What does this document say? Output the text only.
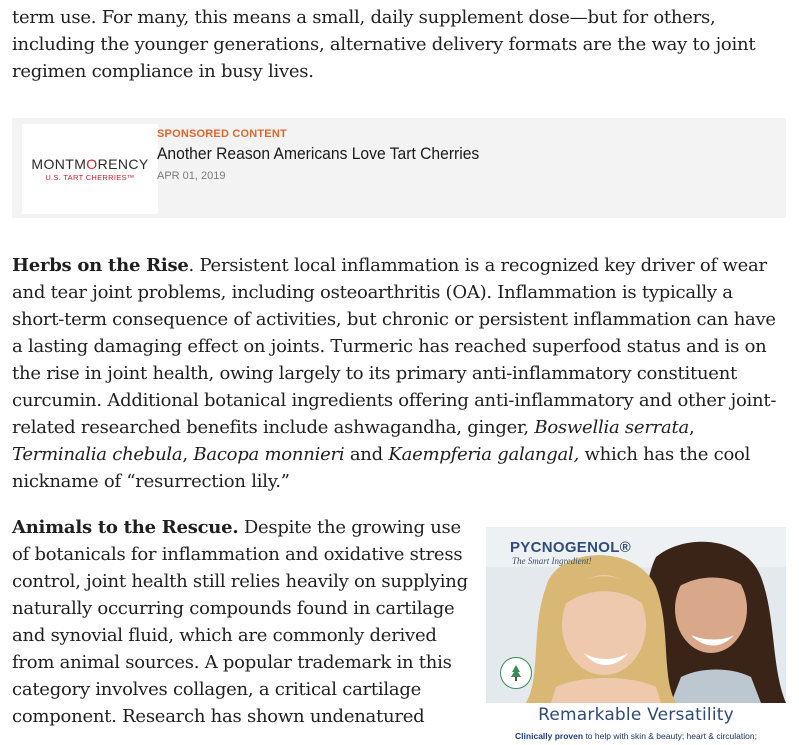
term use. For many, this means a small, daily supplement dose—but for others, including the younger generations, alternative delivery formats are the way to joint regimen compliance in busy lives.

MONTMORENCY
U.S. TART CHERRIES™
SPONSORED CONTENT
Another Reason Americans Love Tart Cherries
APR 01, 2019

Herbs on the Rise. Persistent local inflammation is a recognized key driver of wear and tear joint problems, including osteoarthritis (OA). Inflammation is typically a short-term consequence of activities, but chronic or persistent inflammation can have a lasting damaging effect on joints. Turmeric has reached superfood status and is on the rise in joint health, owing largely to its primary anti-inflammatory constituent curcumin. Additional botanical ingredients offering anti-inflammatory and other joint-related researched benefits include ashwagandha, ginger, Boswellia serrata, Terminalia chebula, Bacopa monnieri and Kaempferia galangal, which has the cool nickname of “resurrection lily.”

Animals to the Rescue. Despite the growing use of botanicals for inflammation and oxidative stress control, joint health still relies heavily on supplying naturally occurring compounds found in cartilage and synovial fluid, which are commonly derived from animal sources. A popular trademark in this category involves collagen, a critical cartilage component. Research has shown undenatured

PYCNOGENOL®
The Smart Ingredient!
Remarkable Versatility
Clinically proven to help with skin & beauty; heart & circulation;
